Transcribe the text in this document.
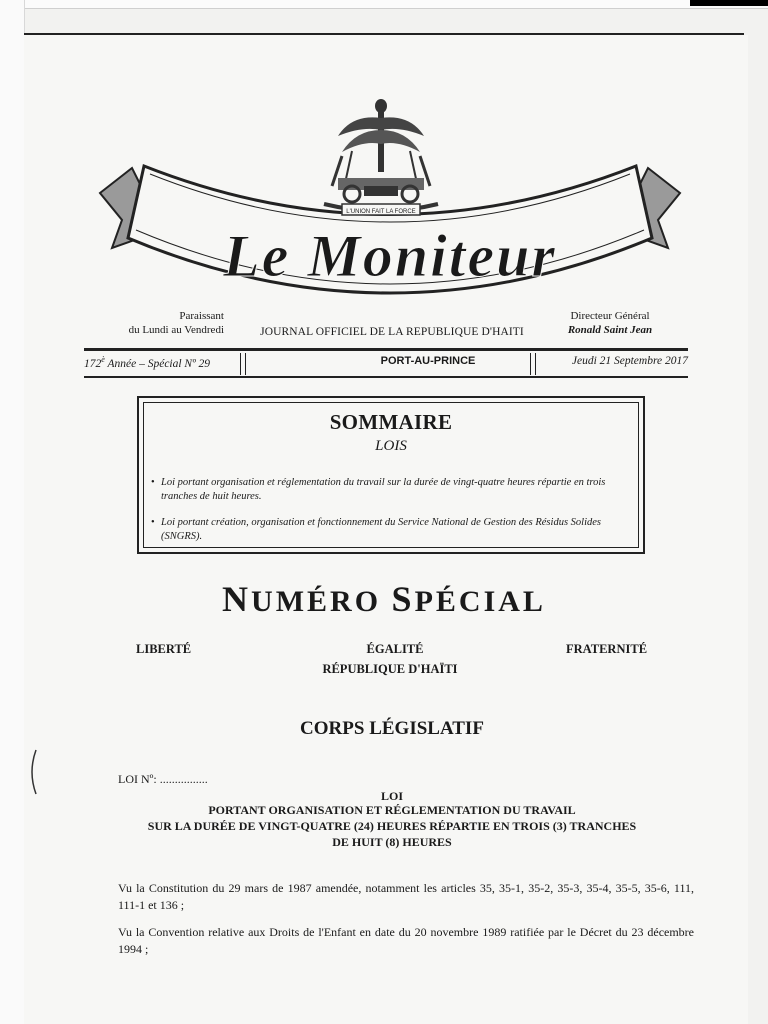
Le Moniteur
L'UNION FAIT LA FORCE
Paraissant
du Lundi au Vendredi	JOURNAL OFFICIEL DE LA REPUBLIQUE D'HAITI
Directeur Général
Ronald Saint Jean
$172^è$ Année – Spécial Nº 29	PORT-AU-PRINCE	Jeudi 21 Septembre 2017
SOMMAIRE
LOIS
• Loi portant organisation et réglementation du travail sur la durée de vingt-quatre heures répartie en trois tranches de huit heures.
• Loi portant création, organisation et fonctionnement du Service National de Gestion des Résidus Solides (SNGRS).
NUMÉRO SPÉCIAL
LIBERTÉ	ÉGALITÉ	FRATERNITÉ
RÉPUBLIQUE D'HAÏTI
CORPS LÉGISLATIF
LOI Nº: ................
LOI
PORTANT ORGANISATION ET RÉGLEMENTATION DU TRAVAIL
SUR LA DURÉE DE VINGT-QUATRE (24) HEURES RÉPARTIE EN TROIS (3) TRANCHES
DE HUIT (8) HEURES
Vu la Constitution du 29 mars de 1987 amendée, notamment les articles 35, 35-1, 35-2, 35-3, 35-4, 35-5, 35-6, 111, 111-1 et 136 ;
Vu la Convention relative aux Droits de l'Enfant en date du 20 novembre 1989 ratifiée par le Décret du 23 décembre 1994 ;
